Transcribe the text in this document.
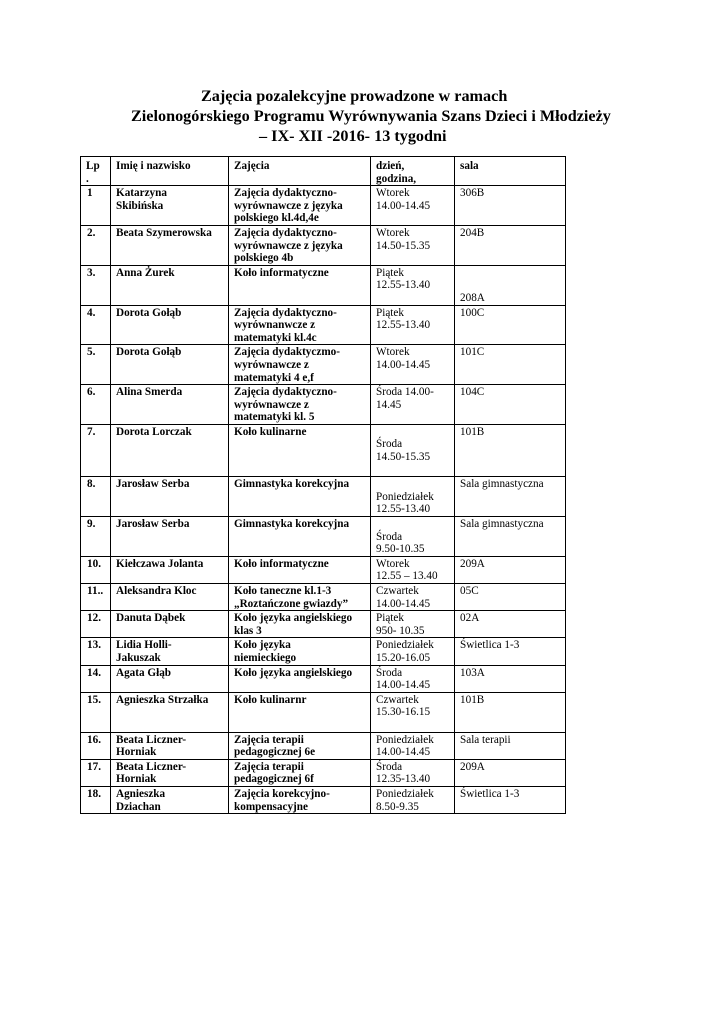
Zajęcia pozalekcyjne prowadzone w ramach
Zielonogórskiego Programu Wyrównywania Szans Dzieci i Młodzieży
– IX- XII -2016- 13 tygodni
Lp
.	Imię i nazwisko	Zajęcia	dzień,
godzina,	sala
1	Katarzyna
Skibińska	Zajęcia dydaktyczno-
wyrównawcze z języka
polskiego kl.4d,4e	Wtorek
14.00-14.45	306B
2.	Beata Szymerowska	Zajęcia dydaktyczno-
wyrównawcze z języka
polskiego 4b	Wtorek
14.50-15.35	204B
3.	Anna Żurek	Koło informatyczne	Piątek
12.55-13.40	208A
4.	Dorota Gołąb	Zajęcia dydaktyczno-
wyrównanwcze z
matematyki kl.4c	Piątek
12.55-13.40	100C
5.	Dorota Gołąb	Zajęcia dydaktyczmo-
wyrównawcze z
matematyki 4 e,f	Wtorek
14.00-14.45	101C
6.	Alina Smerda	Zajęcia dydaktyczno-
wyrównawcze z
matematyki kl. 5	Środa 14.00-
14.45	104C
7.	Dorota Lorczak	Koło kulinarne	Środa
14.50-15.35	101B
8.	Jarosław Serba	Gimnastyka korekcyjna	Poniedziałek
12.55-13.40	Sala gimnastyczna
9.	Jarosław Serba	Gimnastyka korekcyjna	Środa
9.50-10.35	Sala gimnastyczna
10.	Kiełczawa Jolanta	Koło informatyczne	Wtorek
12.55 – 13.40	209A
11..	Aleksandra Kloc	Koło taneczne kl.1-3
„Roztańczone gwiazdy”	Czwartek
14.00-14.45	05C
12.	Danuta Dąbek	Koło języka angielskiego
klas 3	Piątek
950- 10.35	02A
13.	Lidia Holli-
Jakuszak	Koło języka
niemieckiego	Poniedziałek
15.20-16.05	Świetlica 1-3
14.	Agata Głąb	Koło języka angielskiego	Środa
14.00-14.45	103A
15.	Agnieszka Strzałka	Koło kulinarnr	Czwartek
15.30-16.15	101B
16.	Beata Liczner-
Horniak	Zajęcia terapii
pedagogicznej 6e	Poniedziałek
14.00-14.45	Sala terapii
17.	Beata Liczner-
Horniak	Zajęcia terapii
pedagogicznej 6f	Środa
12.35-13.40	209A
18.	Agnieszka
Dziachan	Zajęcia korekcyjno-
kompensacyjne	Poniedziałek
8.50-9.35	Świetlica 1-3
